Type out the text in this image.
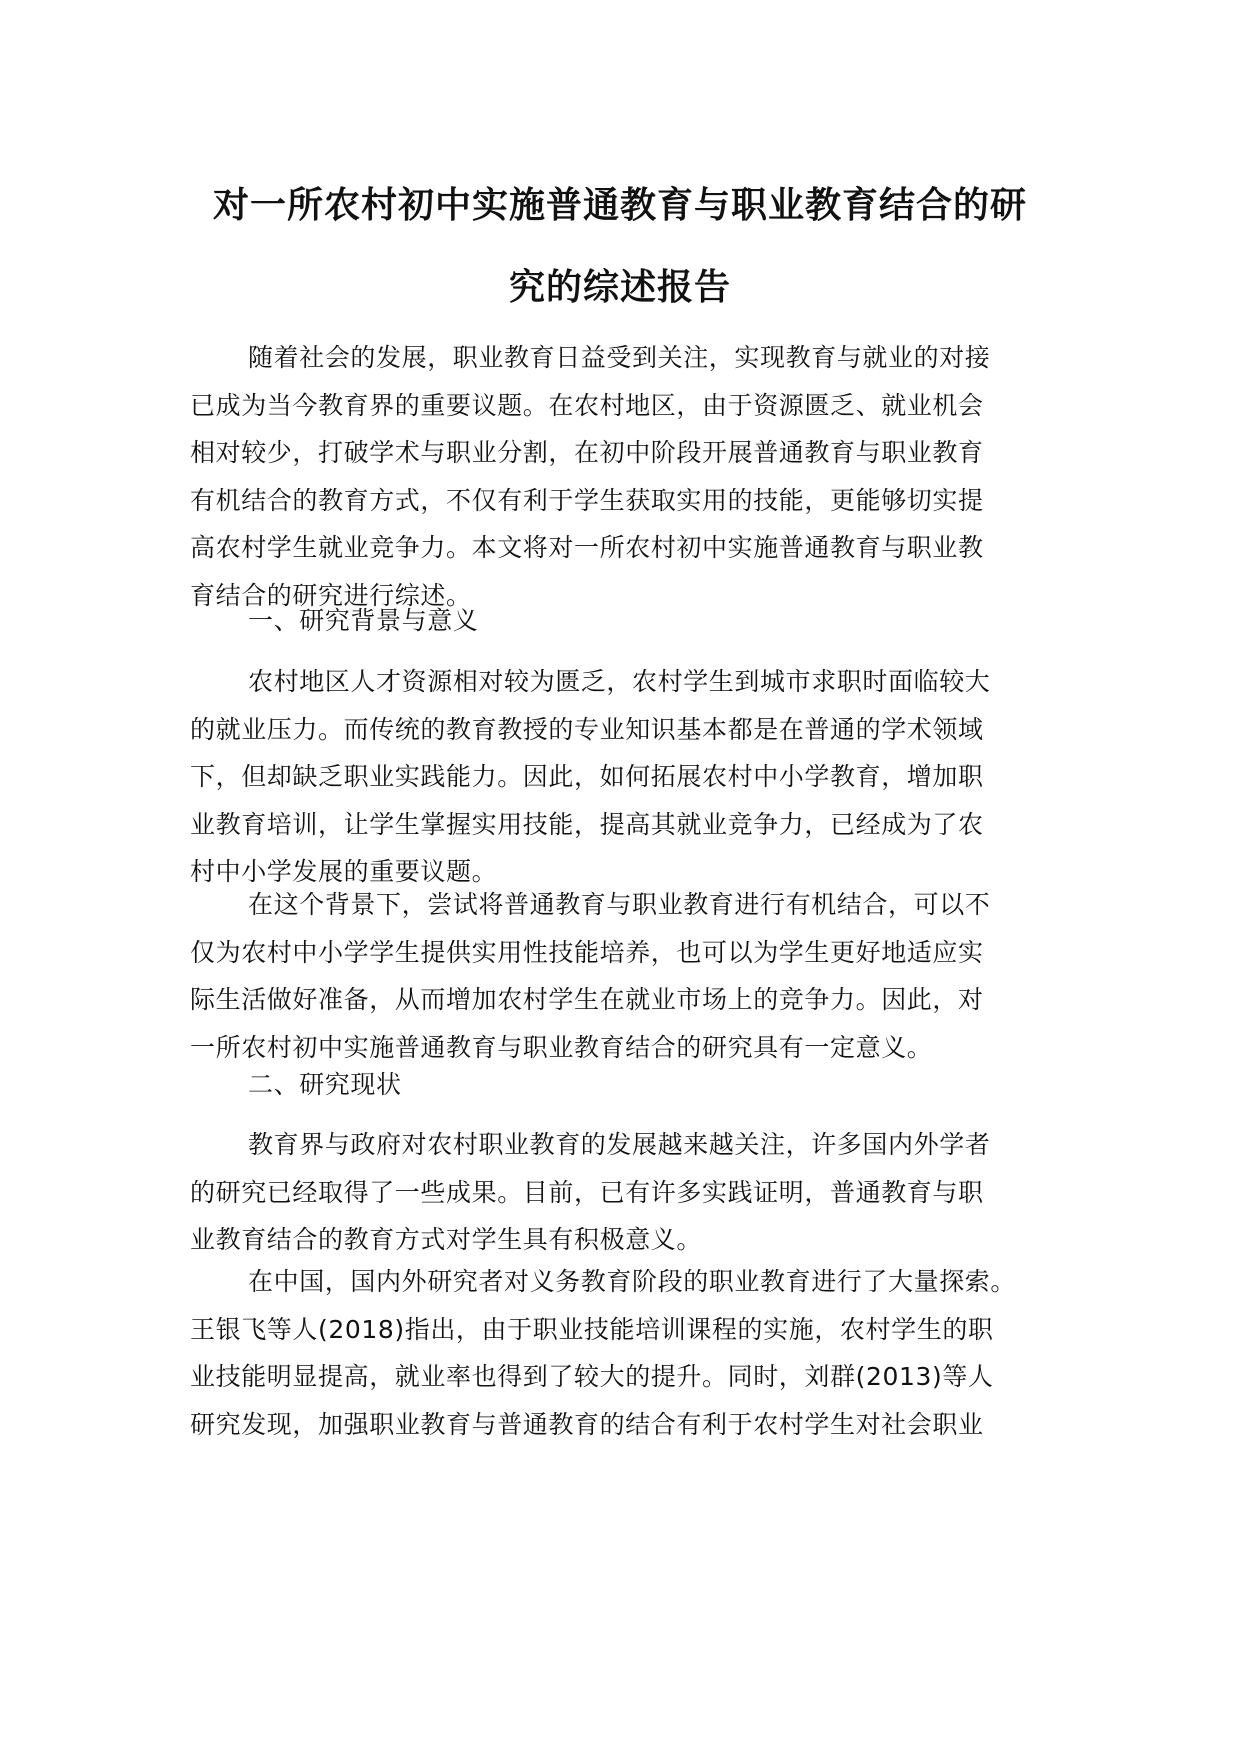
对一所农村初中实施普通教育与职业教育结合的研
究的综述报告
随着社会的发展，职业教育日益受到关注，实现教育与就业的对接
已成为当今教育界的重要议题。在农村地区，由于资源匮乏、就业机会
相对较少，打破学术与职业分割，在初中阶段开展普通教育与职业教育
有机结合的教育方式，不仅有利于学生获取实用的技能，更能够切实提
高农村学生就业竞争力。本文将对一所农村初中实施普通教育与职业教
育结合的研究进行综述。
一、研究背景与意义
农村地区人才资源相对较为匮乏，农村学生到城市求职时面临较大
的就业压力。而传统的教育教授的专业知识基本都是在普通的学术领域
下，但却缺乏职业实践能力。因此，如何拓展农村中小学教育，增加职
业教育培训，让学生掌握实用技能，提高其就业竞争力，已经成为了农
村中小学发展的重要议题。
在这个背景下，尝试将普通教育与职业教育进行有机结合，可以不
仅为农村中小学学生提供实用性技能培养，也可以为学生更好地适应实
际生活做好准备，从而增加农村学生在就业市场上的竞争力。因此，对
一所农村初中实施普通教育与职业教育结合的研究具有一定意义。
二、研究现状
教育界与政府对农村职业教育的发展越来越关注，许多国内外学者
的研究已经取得了一些成果。目前，已有许多实践证明，普通教育与职
业教育结合的教育方式对学生具有积极意义。
在中国，国内外研究者对义务教育阶段的职业教育进行了大量探索。
王银飞等人(2018)指出，由于职业技能培训课程的实施，农村学生的职
业技能明显提高，就业率也得到了较大的提升。同时，刘群(2013)等人
研究发现，加强职业教育与普通教育的结合有利于农村学生对社会职业
